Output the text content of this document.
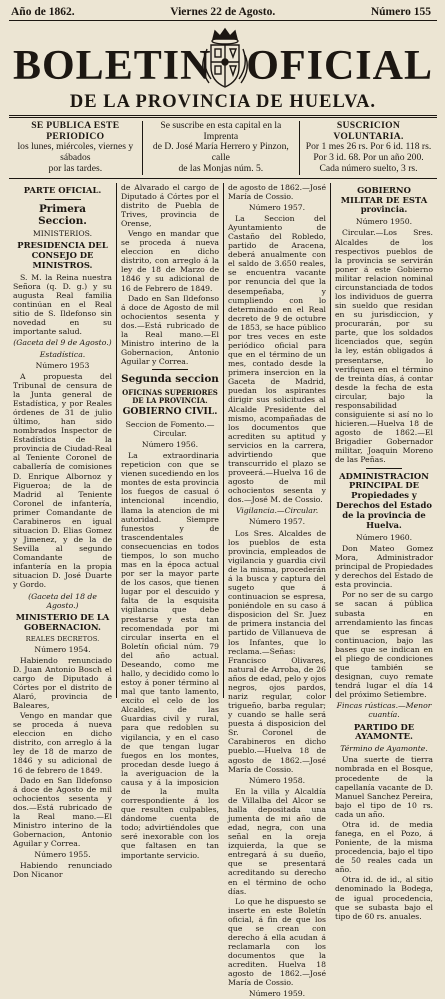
Año de 1862.	Viernes 22 de Agosto.	Número 155
BOLETIN OFICIAL
DE LA PROVINCIA DE HUELVA.
SE PUBLICA ESTE PERIODICO
los lunes, miércoles, viernes y sábados
por las tardes.
Se suscribe en esta capital en la Imprenta
de D. José María Herrero y Pinzon, calle
de las Monjas núm. 5.
SUSCRICION VOLUNTARIA.
Por 1 mes 26 rs. Por 6 id. 118 rs.
Por 3 id. 68. Por un año 200.
Cada número suelto, 3 rs.
PARTE OFICIAL.
Primera Seccion.
MINISTERIOS.
PRESIDENCIA DEL CONSEJO DE MINISTROS.

S. M. la Reina nuestra Señora (q. D. g.) y su augusta Real familia continúan en el Real sitio de S. Ildefonso sin novedad en su importante salud.

(Gaceta del 9 de Agosto.)
Estadística.
Número 1953

A propuesta del Tribunal de censura de la Junta general de Estadística, y por Reales órdenes de 31 de julio último, han sido nombrados Inspector de Estadística de la provincia de Ciudad-Real al Teniente Coronel de caballería de comisiones D. Enrique Albornoz y Figueroa; de la de Madrid al Teniente Coronel de infantería, primer Comandante de Carabineros en igual situacion D. Elias Gomez y Jimenez, y de la de Sevilla al segundo Comandante de infantería en la propia situacion D. José Duarte y Gordo.

(Gaceta del 18 de Agosto.)
MINISTERIO DE LA GOBERNACION.
REALES DECRETOS.
Número 1954.

Habiendo renunciado D. Juan Antonio Bosch el cargo de Diputado á Córtes por el distrito de Alaró, provincia de Baleares,

Vengo en mandar que se proceda á nueva eleccion en dicho distrito, con arreglo á la ley de 18 de marzo de 1846 y su adicional de 16 de febrero de 1849.

Dado en San Ildefonso á doce de Agosto de mil ochocientos sesenta y dos.—Está rubricado de la Real mano.—El Ministro interino de la Gobernacion, Antonio Aguilar y Correa.

Número 1955.

Habiendo renunciado Don Nicanor

de Alvarado el cargo de Diputado á Córtes por el distrito de Puebla de Trives, provincia de Orense,

Vengo en mandar que se proceda á nueva eleccion en dicho distrito, con arreglo á la ley de 18 de Marzo de 1846 y su adicional de 16 de Febrero de 1849.

Dado en San Ildefonso á doce de Agosto de mil ochocientos sesenta y dos.—Está rubricado de la Real mano.—El Ministro interino de la Gobernacion, Antonio Aguilar y Correa.

Segunda seccion
OFICINAS SUPERIORES DE LA PROVINCIA.
GOBIERNO CIVIL.
Seccion de Fomento.—Circular.
Número 1956.

La extraordinaria repeticion con que se vienen sucediendo en los montes de esta provincia los fuegos de casual ó intencional incendio, llama la atencion de mi autoridad. Siempre funestos y de trascendentales consecuencias en todos tiempos, lo son mucho mas en la época actual por ser la mayor parte de los casos, que tienen lugar por el descuido y falta de la esquisita vigilancia que debe prestarse y esta tan recomendada por mi circular inserta en el Boletín oficial núm. 79 del año actual. Deseando, como me hallo, y decidido como lo estoy á poner término al mal que tanto lamento, excito el celo de los Alcaldes, de las Guardias civil y rural, para que redoblen su vigilancia, y en el caso de que tengan lugar fuegos en los montes, procedan desde luego á la averiguacion de la causa y á la imposicion de la multa correspondiente á los que resulten culpables, dándome cuenta de todo; advirtiéndoles que seré inexorable con los que faltasen en tan importante servicio.

de agosto de 1862.—José María de Cossio.

Número 1957.

La Seccion del Ayuntamiento de Castaño del Robledo, partido de Aracena, deberá anualmente con el saldo de 3.650 reales, se encuentra vacante por renuncia del que la desempeñaba, y cumpliendo con lo determinado en el Real decreto de 9 de octubre de 1853, se hace público por tres veces en este periódico oficial para que en el término de un mes, contado desde la primera insercion en la Gaceta de Madrid, puedan los aspirantes dirigir sus solicitudes al Alcalde Presidente del mismo, acompañadas de los documentos que acrediten su aptitud y servicios en la carrera, advirtiendo que transcurrido el plazo se proveerá.—Huelva 16 de agosto de mil ochocientos sesenta y dos.—José M. de Cossio.

Vigilancia.—Circular.
Número 1957.

Los Sres. Alcaldes de los pueblos de esta provincia, empleados de vigilancia y guardia civil de la misma, procederán á la busca y captura del sugeto que á continuacion se espresa, poniéndole en su caso á disposicion del Sr. Juez de primera instancia del partido de Villanueva de los Infantes, que lo reclama.—Señas: Francisco Olivares, natural de Arroba, de 26 años de edad, pelo y ojos negros, ojos pardos, nariz regular, color trigueño, barba regular; y cuando se halle será puesta á disposicion del Sr. Coronel de Carabineros en dicho pueblo.—Huelva 18 de agosto de 1862.—José María de Cossio.

Número 1958.

En la villa y Alcaldía de Villalba del Alcor se halla depositada una jumenta de mi año de edad, negra, con una señal en la oreja izquierda, la que se entregará á su dueño, que se presentará acreditando su derecho en el término de ocho días.

Lo que he dispuesto se inserte en este Boletín oficial, á fin de que los que se crean con derecho á ella acudan á reclamarla con los documentos que la acrediten. Huelva 18 agosto de 1862.—José María de Cossio.

Número 1959.
GOBIERNO MILITAR DE ESTA provincia.
Número 1950.

Circular.—Los Sres. Alcaldes de los respectivos pueblos de la provincia se servirán poner á este Gobierno militar relacion nominal circunstanciada de todos los individuos de guerra sin sueldo que residan en su jurisdiccion, y procurarán, por su parte, que los soldados licenciados que, según la ley, están obligados á presentarse, lo verifiquen en el término de treinta días, á contar desde la fecha de esta circular, bajo la responsabilidad consiguiente si así no lo hicieren.—Huelva 18 de agosto de 1862.—El Brigadier Gobernador militar, Joaquin Moreno de las Peñas.

ADMINISTRACION PRINCIPAL DE Propiedades y Derechos del Estado de la provincia de Huelva.
Número 1960.

Don Mateo Gomez Mora, Administrador principal de Propiedades y derechos del Estado de esta provincia.

Por no ser de su cargo se sacan á pública subasta en arrendamiento las fincas que se espresan á continuacion, bajo las bases que se indican en el pliego de condiciones que también se designan, cuyo remate tendrá lugar el día 14 del próximo Setiembre.

Fincas rústicas.—Menor cuantía.
PARTIDO DE AYAMONTE.
Término de Ayamonte.

Una suerte de tierra nombrada en el Bosque, procedente de la capellanía vacante de D. Manuel Sanchez Pereira, bajo el tipo de 10 rs. cada un año.

Otra id. de media fanega, en el Pozo, á Poniente, de la misma procedencia, bajo el tipo de 50 reales cada un año.

Otra id. de id., al sitio denominado la Bodega, de igual procedencia, que se subasta bajo el tipo de 60 rs. anuales.
